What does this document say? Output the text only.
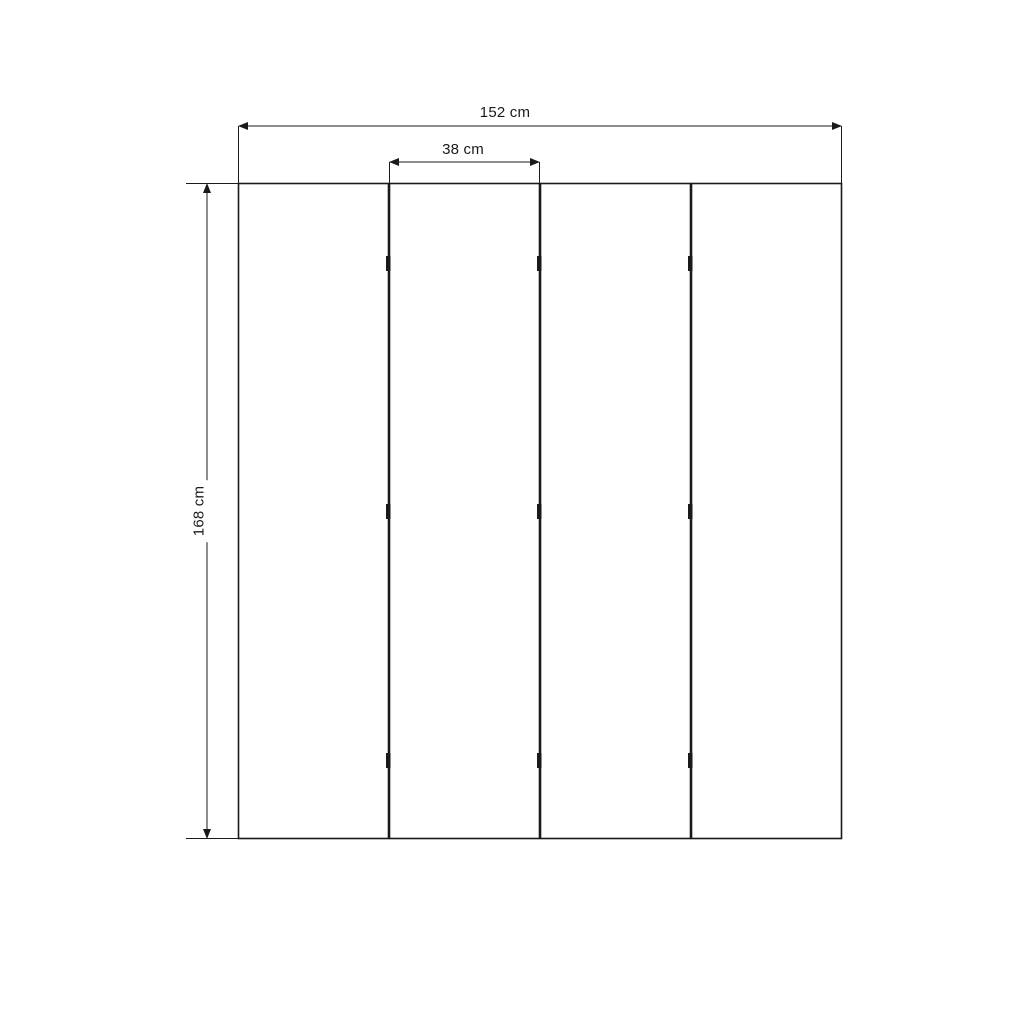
152 cm
38 cm
168 cm
